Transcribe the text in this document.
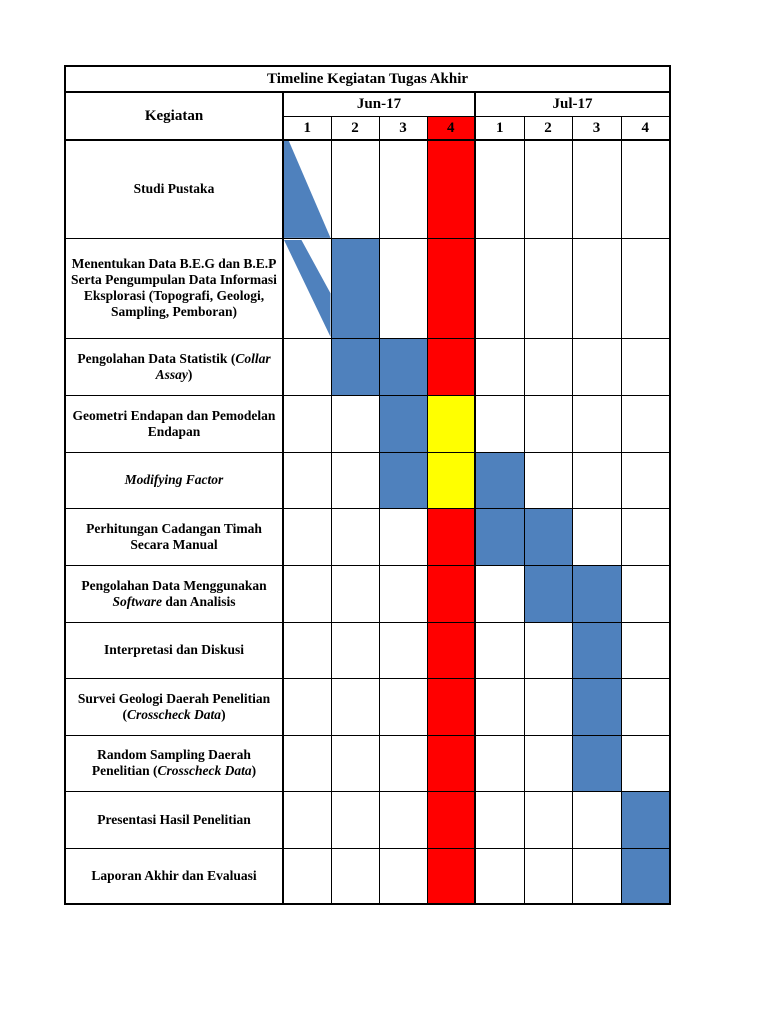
Timeline Kegiatan Tugas Akhir								
Kegiatan	Jun-17				Jul-17			
	1	2	3	4	1	2	3	4
Studi Pustaka	

Menentukan Data B.E.G dan B.E.P Serta Pengumpulan Data Informasi Eksplorasi (Topografi, Geologi, Sampling, Pemboran)	

Pengolahan Data Statistik (Collar Assay)								
Geometri Endapan dan Pemodelan Endapan								
Modifying Factor								
Perhitungan Cadangan Timah Secara Manual								
Pengolahan Data Menggunakan Software dan Analisis								
Interpretasi dan Diskusi								
Survei Geologi Daerah Penelitian (Crosscheck Data)								
Random Sampling Daerah Penelitian (Crosscheck Data)								
Presentasi Hasil Penelitian								
Laporan Akhir dan Evaluasi								
